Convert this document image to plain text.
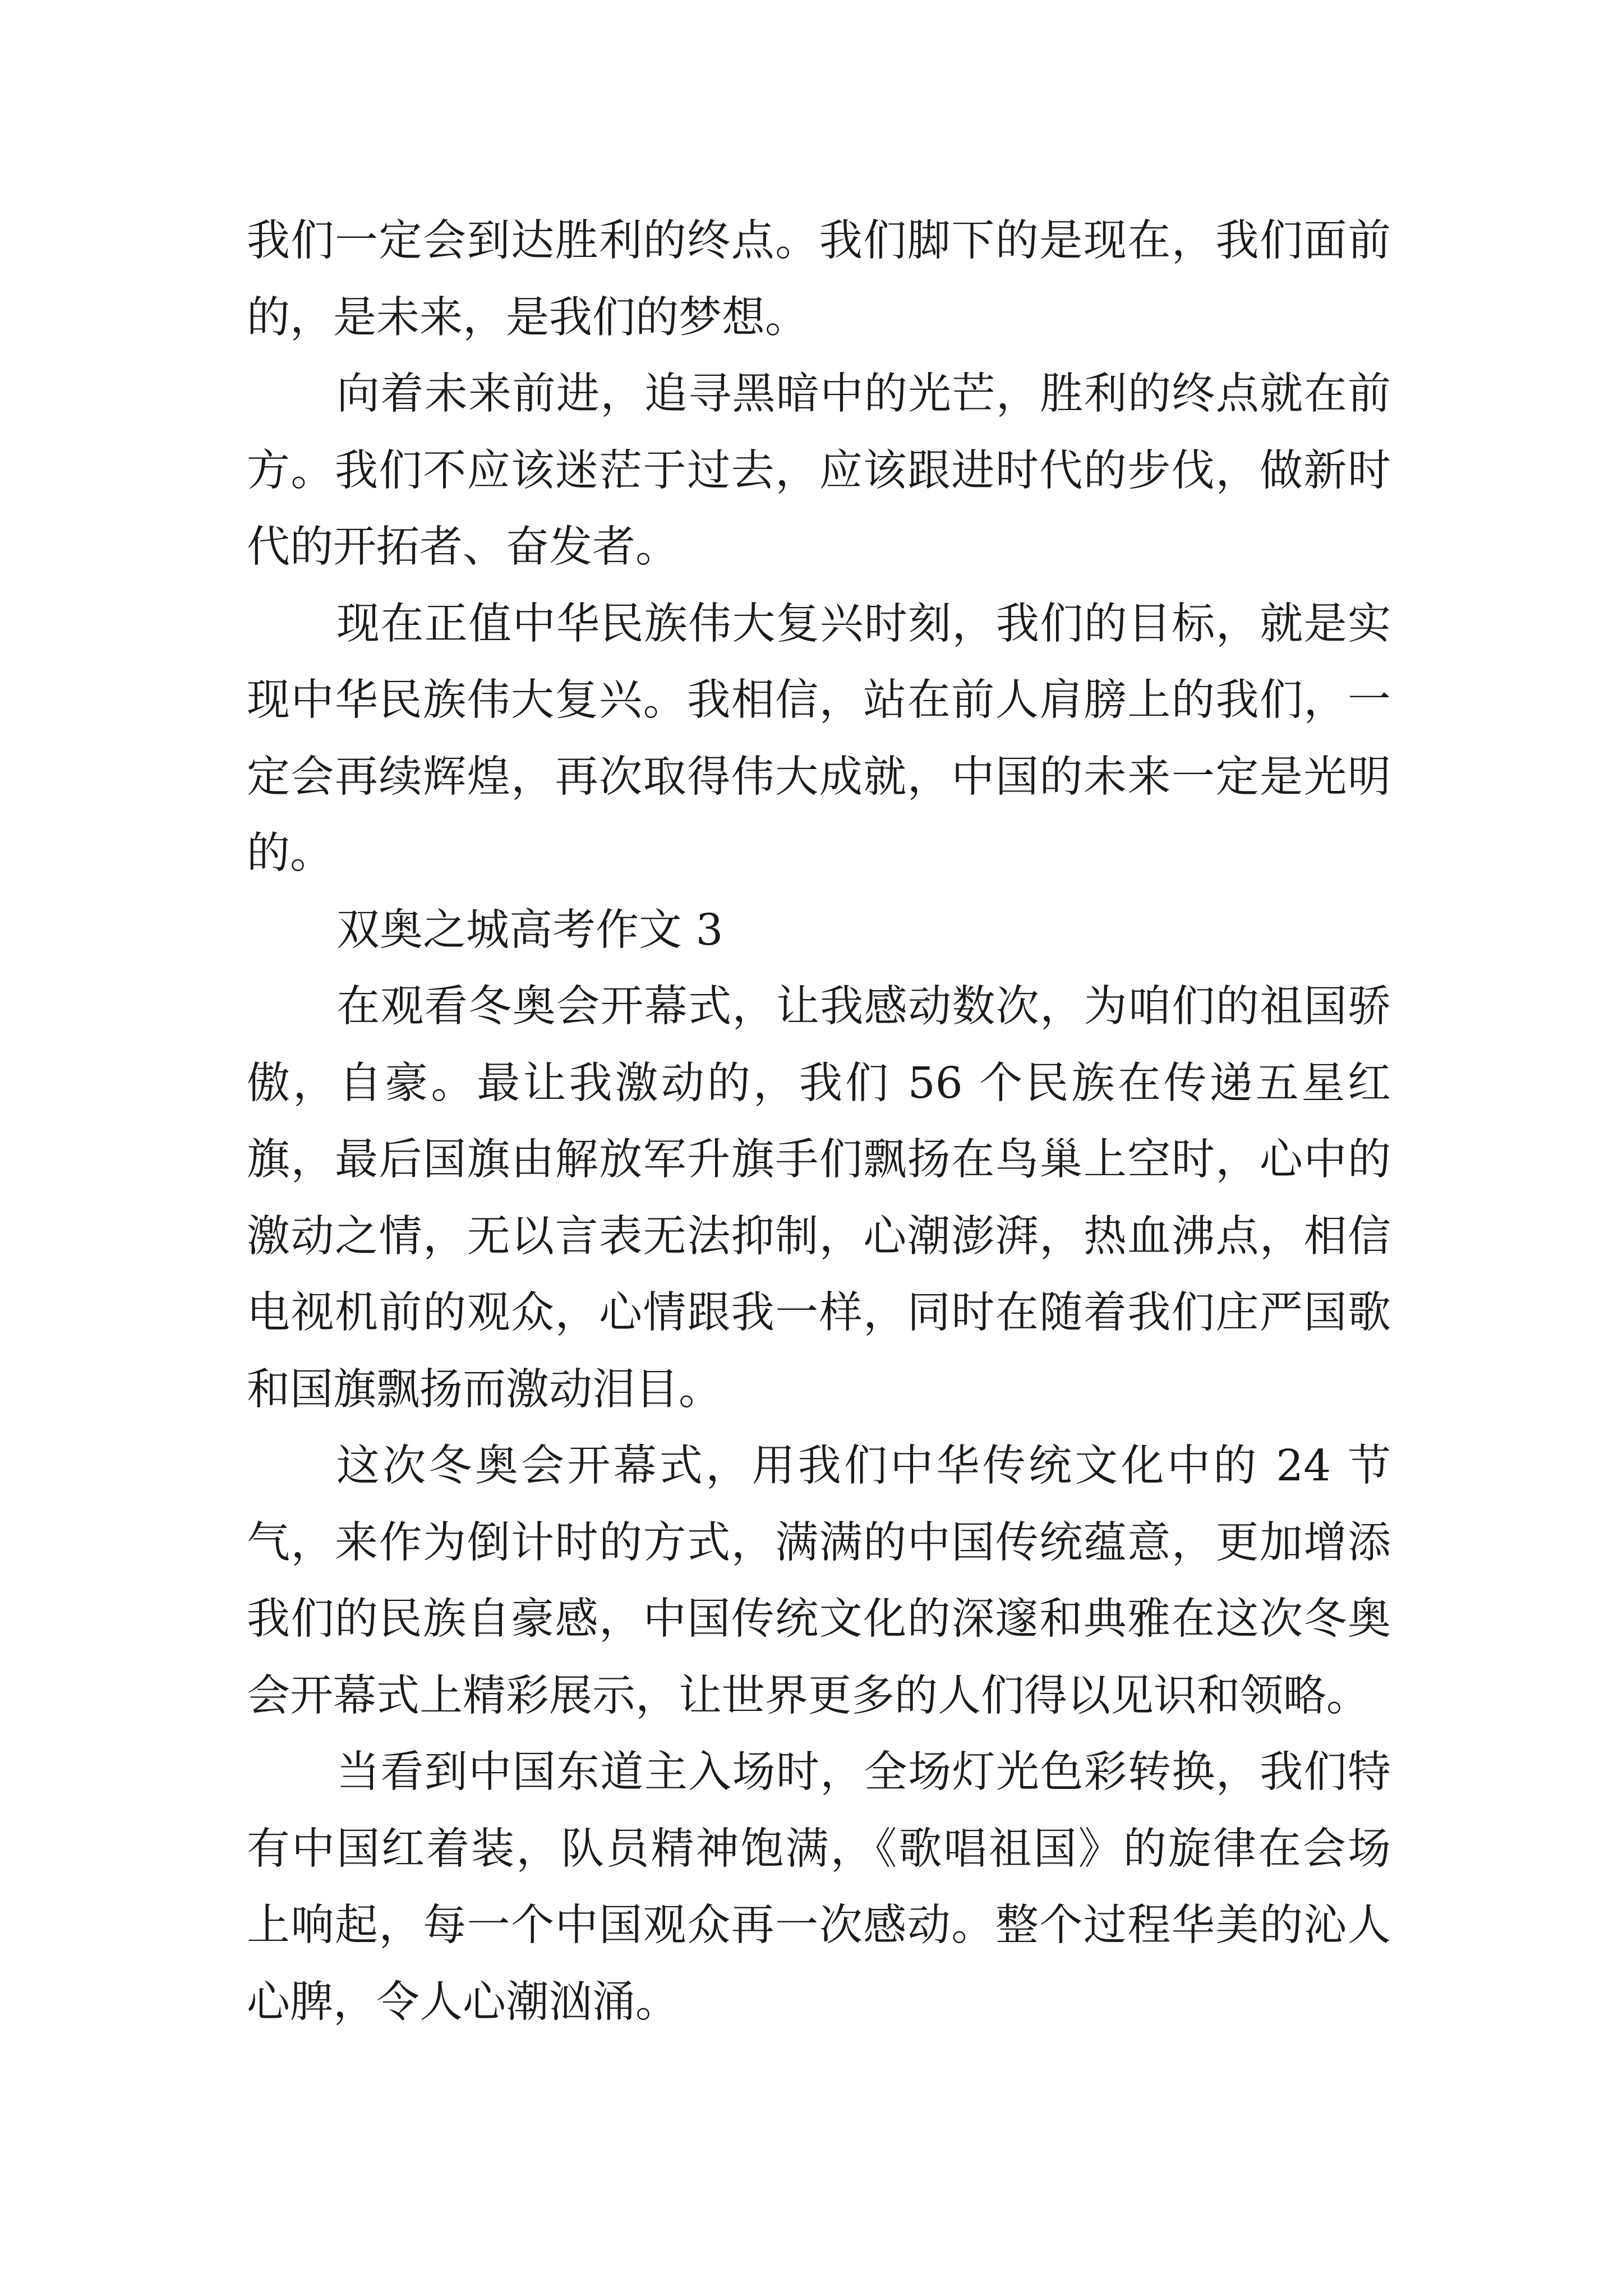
我们一定会到达胜利的终点。我们脚下的是现在，我们面前的，是未来，是我们的梦想。

向着未来前进，追寻黑暗中的光芒，胜利的终点就在前方。我们不应该迷茫于过去，应该跟进时代的步伐，做新时代的开拓者、奋发者。

现在正值中华民族伟大复兴时刻，我们的目标，就是实现中华民族伟大复兴。我相信，站在前人肩膀上的我们，一定会再续辉煌，再次取得伟大成就，中国的未来一定是光明的。

双奥之城高考作文 3

在观看冬奥会开幕式，让我感动数次，为咱们的祖国骄傲，自豪。最让我激动的，我们 56 个民族在传递五星红旗，最后国旗由解放军升旗手们飘扬在鸟巢上空时，心中的激动之情，无以言表无法抑制，心潮澎湃，热血沸点，相信电视机前的观众，心情跟我一样，同时在随着我们庄严国歌和国旗飘扬而激动泪目。

这次冬奥会开幕式，用我们中华传统文化中的 24 节气，来作为倒计时的方式，满满的中国传统蕴意，更加增添我们的民族自豪感，中国传统文化的深邃和典雅在这次冬奥会开幕式上精彩展示，让世界更多的人们得以见识和领略。

当看到中国东道主入场时，全场灯光色彩转换，我们特有中国红着装，队员精神饱满，《歌唱祖国》的旋律在会场上响起，每一个中国观众再一次感动。整个过程华美的沁人心脾，令人心潮汹涌。
